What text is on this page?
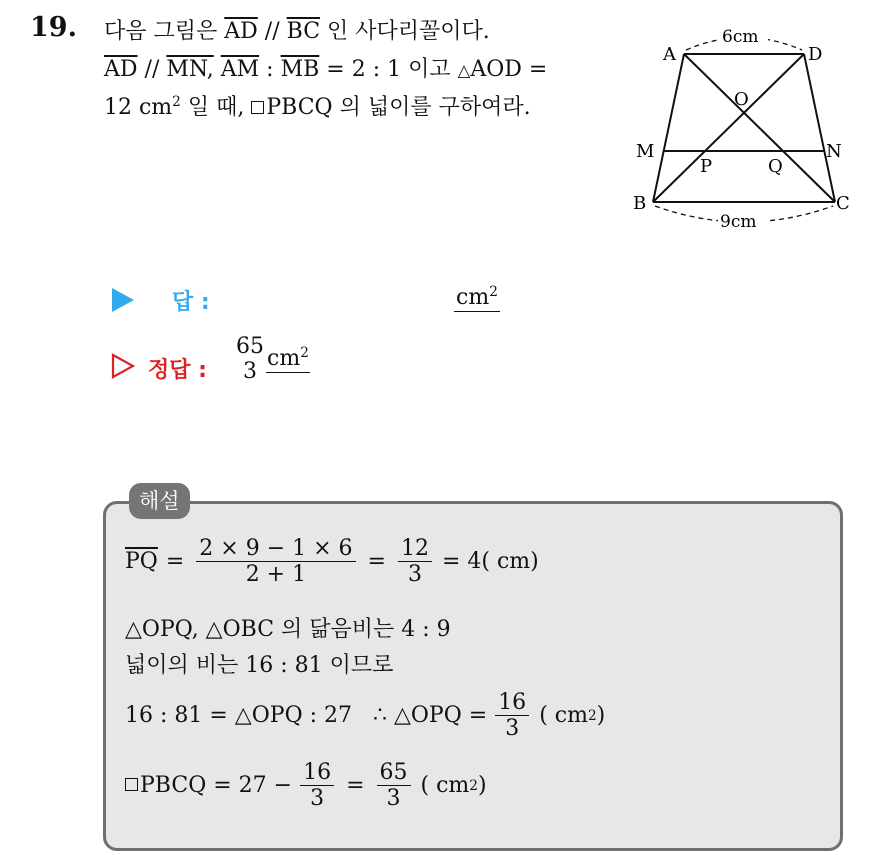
19. 다음 그림은 $\overline{AD} // \overline{BC}$ 인 사다리꼴이다.
$\overline{AD}$ // MN, $\overline{AM}$ : $\overline{MB} = 2$ : 1 이고 △AOD =
12 $cm^2$ 일 때, PBCQ 의 넓이를 구하여라.
A	D
O
M	N
P	Q
B	C
6cm
9cm
답 :	$cm^2$
정답 :
65
3
$cm^2$
해설
$\overline{PQ} = \frac{2 \times 9 - 1 \times 6}{2 + 1} = \frac{12}{3} = 4$( cm)
△OPQ, △OBC 의 닮음비는 4 : 9
넓이의 비는 16 : 81 이므로
16 : 81 = △OPQ : 27   ∴ △OPQ = $\frac{16}{3}$ ( cm 2 )
PBCQ = $27 - \frac{16}{3} = \frac{65}{3}$ ( cm 2 )
